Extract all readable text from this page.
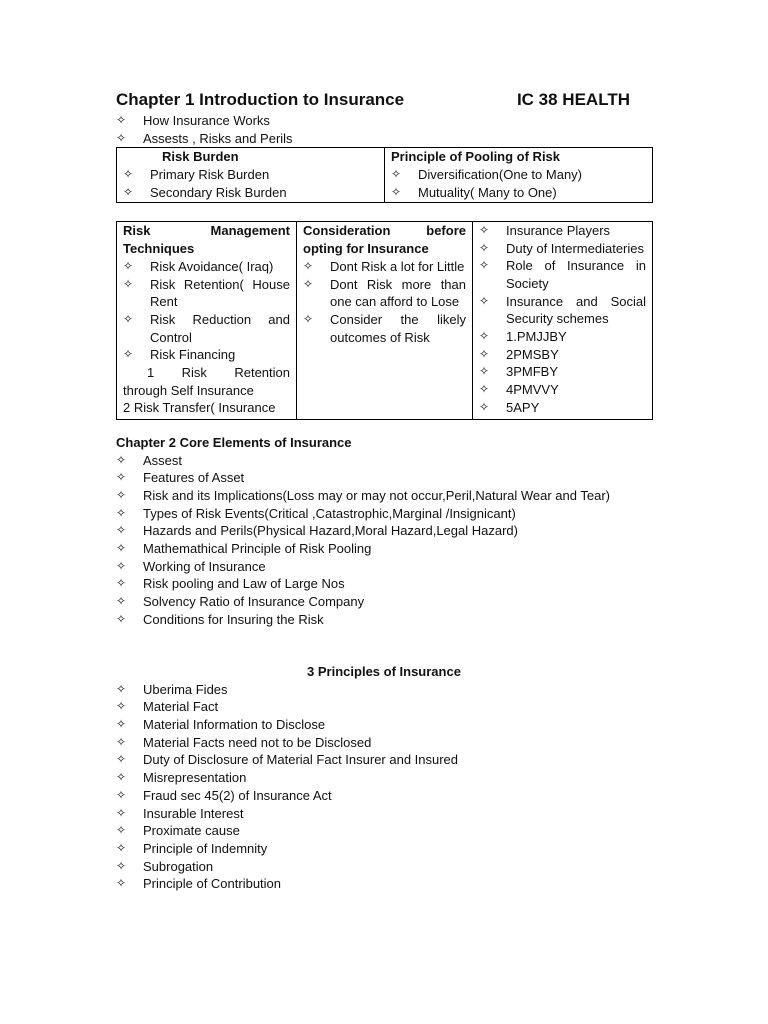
Chapter 1 Introduction to Insurance	IC 38 HEALTH
✧ How Insurance Works
✧ Assests , Risks and Perils
Risk Burden
✧ Primary Risk Burden
✧ Secondary Risk Burden

Principle of Pooling of Risk
✧ Diversification(One to Many)
✧ Mutuality( Many to One)
Risk Management Techniques
✧ Risk Avoidance( Iraq)
✧ Risk Retention( House Rent
✧ Risk Reduction and Control
✧ Risk Financing
1 Risk Retention through Self Insurance
2 Risk Transfer( Insurance

Consideration before opting for Insurance
✧ Dont Risk a lot for Little
✧ Dont Risk more than one can afford to Lose
✧ Consider the likely outcomes of Risk

✧ Insurance Players
✧ Duty of Intermediateries
✧ Role of Insurance in Society
✧ Insurance and Social Security schemes
✧ 1.PMJJBY
✧ 2PMSBY
✧ 3PMFBY
✧ 4PMVVY
✧ 5APY
Chapter 2 Core Elements of Insurance
✧ Assest
✧ Features of Asset
✧ Risk and its Implications(Loss may or may not occur,Peril,Natural Wear and Tear)
✧ Types of Risk Events(Critical ,Catastrophic,Marginal /Insignicant)
✧ Hazards and Perils(Physical Hazard,Moral Hazard,Legal Hazard)
✧ Mathemathical Principle of Risk Pooling
✧ Working of Insurance
✧ Risk pooling and Law of Large Nos
✧ Solvency Ratio of Insurance Company
✧ Conditions for Insuring the Risk
3 Principles of Insurance
✧ Uberima Fides
✧ Material Fact
✧ Material Information to Disclose
✧ Material Facts need not to be Disclosed
✧ Duty of Disclosure of Material Fact Insurer and Insured
✧ Misrepresentation
✧ Fraud sec 45(2) of Insurance Act
✧ Insurable Interest
✧ Proximate cause
✧ Principle of Indemnity
✧ Subrogation
✧ Principle of Contribution
